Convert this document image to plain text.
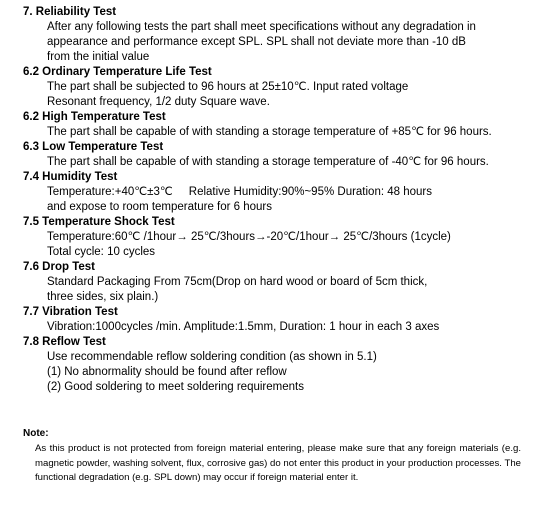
7. Reliability Test
After any following tests the part shall meet specifications without any degradation in
appearance and performance except SPL. SPL shall not deviate more than -10 dB
from the initial value
6.2 Ordinary Temperature Life Test
The part shall be subjected to 96 hours at 25±10℃. Input rated voltage
Resonant frequency, 1/2 duty Square wave.
6.2 High Temperature Test
The part shall be capable of with standing a storage temperature of +85℃ for 96 hours.
6.3 Low Temperature Test
The part shall be capable of with standing a storage temperature of -40℃ for 96 hours.
7.4 Humidity Test
Temperature:+40℃±3℃     Relative Humidity:90%~95% Duration: 48 hours
and expose to room temperature for 6 hours
7.5 Temperature Shock Test
Temperature:60℃ /1hour→ 25℃/3hours→-20℃/1hour→ 25℃/3hours (1cycle)
Total cycle: 10 cycles
7.6 Drop Test
Standard Packaging From 75cm(Drop on hard wood or board of 5cm thick,
three sides, six plain.)
7.7 Vibration Test
Vibration:1000cycles /min. Amplitude:1.5mm, Duration: 1 hour in each 3 axes
7.8 Reflow Test
Use recommendable reflow soldering condition (as shown in 5.1)
(1) No abnormality should be found after reflow
(2) Good soldering to meet soldering requirements
Note:
As this product is not protected from foreign material entering, please make sure that any foreign materials (e.g. magnetic powder, washing solvent, flux, corrosive gas) do not enter this product in your production processes. The functional degradation (e.g. SPL down) may occur if foreign material enter it.
